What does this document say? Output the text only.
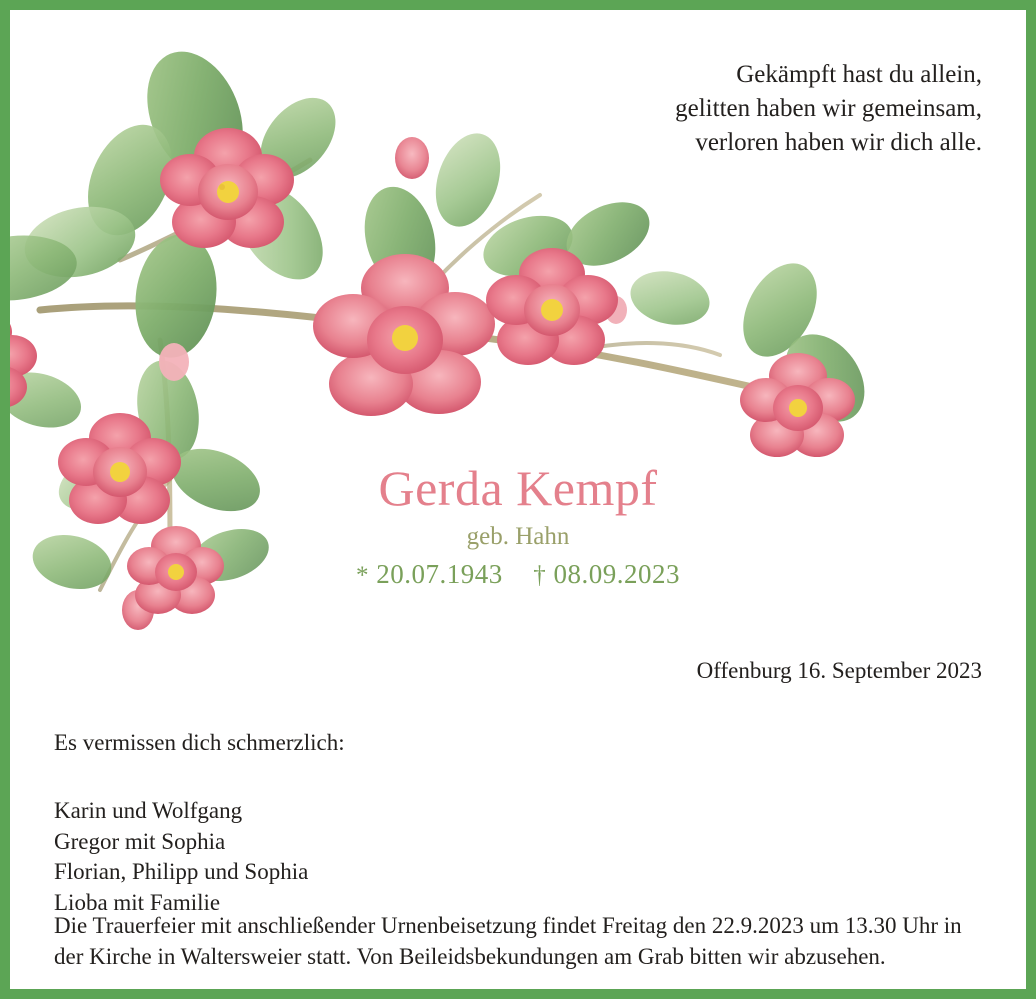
Gekämpft hast du allein,
gelitten haben wir gemeinsam,
verloren haben wir dich alle.
Gerda Kempf
geb. Hahn
* 20.07.1943 † 08.09.2023
Offenburg 16. September 2023
Es vermissen dich schmerzlich:
Karin und Wolfgang
Gregor mit Sophia
Florian, Philipp und Sophia
Lioba mit Familie
Die Trauerfeier mit anschließender Urnenbeisetzung findet Freitag den 22.9.2023 um 13.30 Uhr in der Kirche in Waltersweier statt. Von Beileidsbekundungen am Grab bitten wir abzusehen.
